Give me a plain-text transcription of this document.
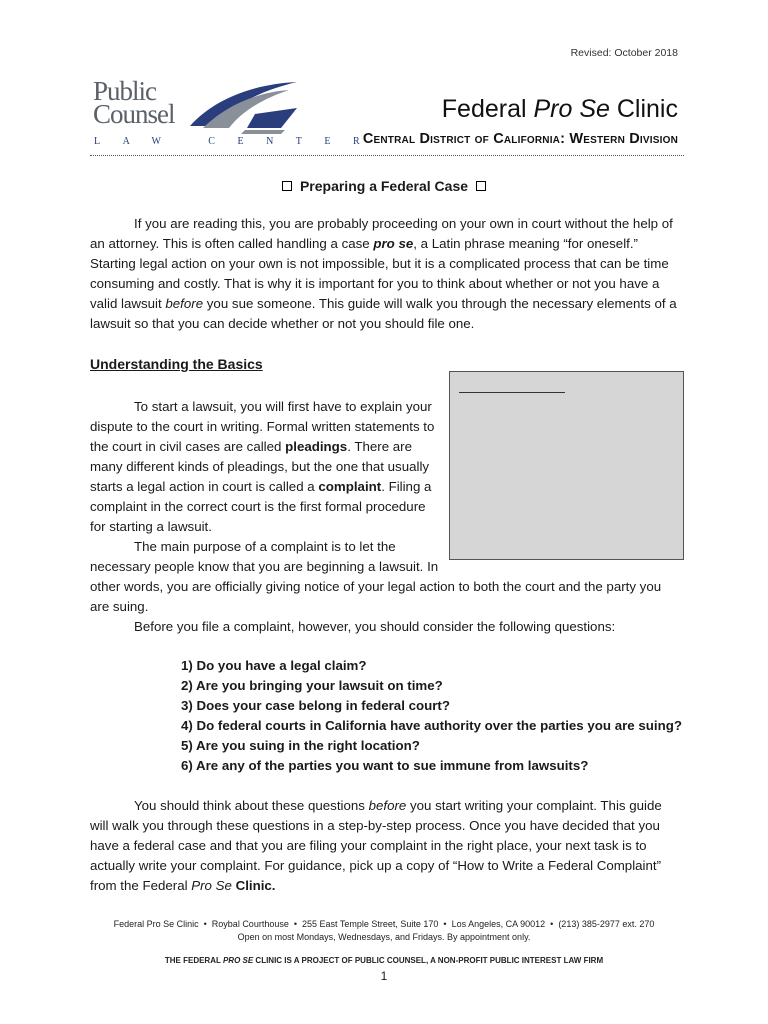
Revised: October 2018
Public
Counsel
LAW CENTER
Federal Pro Se Clinic
Central District of California: Western Division
Preparing a Federal Case

If you are reading this, you are probably proceeding on your own in court without the help of an attorney. This is often called handling a case pro se, a Latin phrase meaning “for oneself.” Starting legal action on your own is not impossible, but it is a complicated process that can be time consuming and costly. That is why it is important for you to think about whether or not you have a valid lawsuit before you sue someone. This guide will walk you through the necessary elements of a lawsuit so that you can decide whether or not you should file one.

Understanding the Basics

To start a lawsuit, you will first have to explain your dispute to the court in writing. Formal written statements to the court in civil cases are called pleadings. There are many different kinds of pleadings, but the one that usually starts a legal action in court is called a complaint. Filing a complaint in the correct court is the first formal procedure for starting a lawsuit.

The main purpose of a complaint is to let the necessary people know that you are beginning a lawsuit. In

other words, you are officially giving notice of your legal action to both the court and the party you are suing.

Before you file a complaint, however, you should consider the following questions:

1) Do you have a legal claim?
2) Are you bringing your lawsuit on time?
3) Does your case belong in federal court?
4) Do federal courts in California have authority over the parties you are suing?
5) Are you suing in the right location?
6) Are any of the parties you want to sue immune from lawsuits?

You should think about these questions before you start writing your complaint. This guide will walk you through these questions in a step-by-step process. Once you have decided that you have a federal case and that you are filing your complaint in the right place, your next task is to actually write your complaint. For guidance, pick up a copy of “How to Write a Federal Complaint” from the Federal Pro Se Clinic.

Federal Pro Se Clinic • Roybal Courthouse • 255 East Temple Street, Suite 170 • Los Angeles, CA 90012 • (213) 385-2977 ext. 270
Open on most Mondays, Wednesdays, and Fridays. By appointment only.
THE FEDERAL PRO SE CLINIC IS A PROJECT OF PUBLIC COUNSEL, A NON-PROFIT PUBLIC INTEREST LAW FIRM
1
